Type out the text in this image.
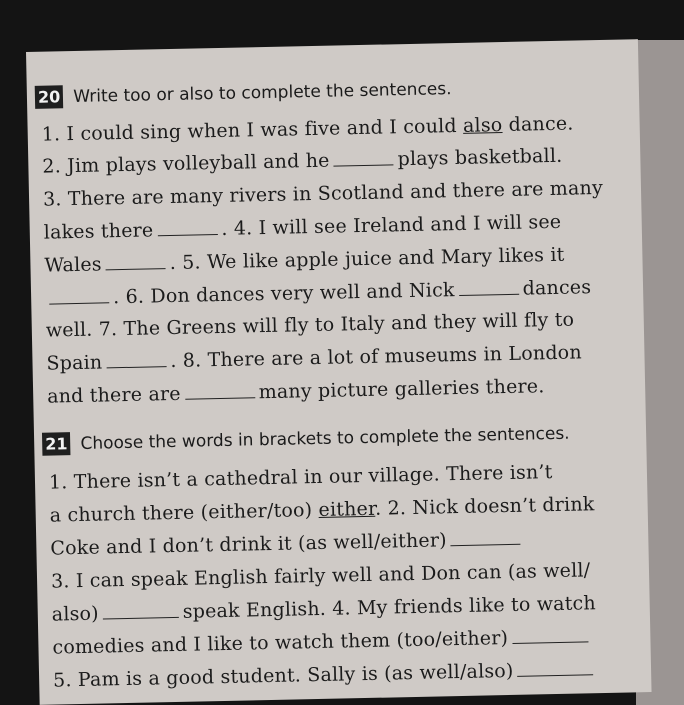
20 Write too or also to complete the sentences.
1. I could sing when I was five and I could also dance.
2. Jim plays volleyball and he	plays basketball.
3. There are many rivers in Scotland and there are many
lakes there	. 4. I will see Ireland and I will see
Wales	. 5. We like apple juice and Mary likes it
. 6. Don dances very well and Nick	dances
well. 7. The Greens will fly to Italy and they will fly to
Spain	. 8. There are a lot of museums in London
and there are	many picture galleries there.
21 Choose the words in brackets to complete the sentences.
1. There isn’t a cathedral in our village. There isn’t
a church there (either/too) either. 2. Nick doesn’t drink
Coke and I don’t drink it (as well/either)
3. I can speak English fairly well and Don can (as well/
also)	speak English. 4. My friends like to watch
comedies and I like to watch them (too/either)
5. Pam is a good student. Sally is (as well/also)
